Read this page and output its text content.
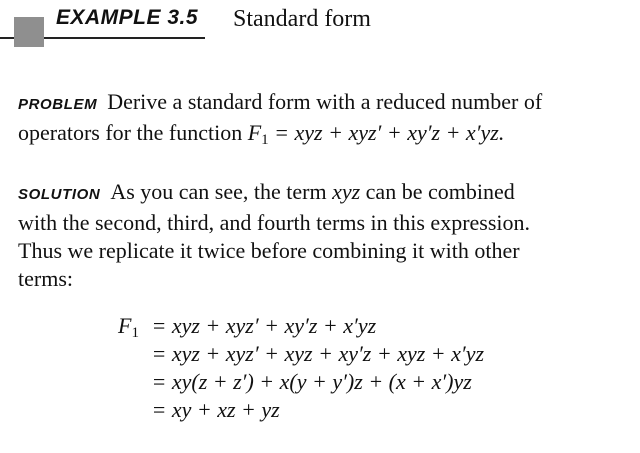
EXAMPLE 3.5 Standard form
PROBLEM Derive a standard form with a reduced number of
operators for the function $F_1$ = xyz + xyz′ + xy′z + x′yz.
SOLUTION As you can see, the term xyz can be combined
with the second, third, and fourth terms in this expression.
Thus we replicate it twice before combining it with other
terms:
$F_1$ = xyz + xyz′ + xy′z + x′yz
= xyz + xyz′ + xyz + xy′z + xyz + x′yz
= xy(z + z′) + x(y + y′)z + (x + x′)yz
= xy + xz + yz
